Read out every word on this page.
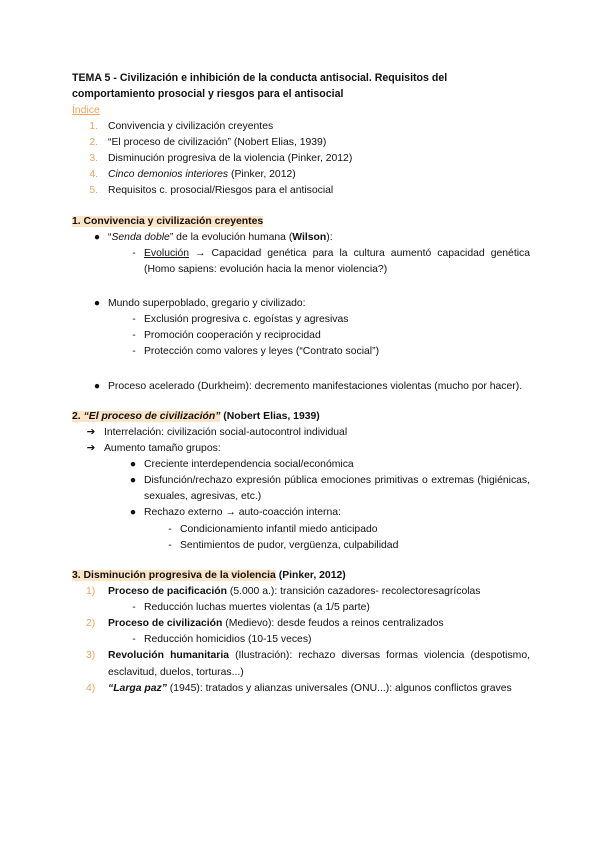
TEMA 5 - Civilización e inhibición de la conducta antisocial. Requisitos del comportamiento prosocial y riesgos para el antisocial

Índice

1. Convivencia y civilización creyentes
2. “El proceso de civilización” (Nobert Elias, 1939)
3. Disminución progresiva de la violencia (Pinker, 2012)
4. Cinco demonios interiores (Pinker, 2012)
5. Requisitos c. prosocial/Riesgos para el antisocial
1. Convivencia y civilización creyentes
● “Senda doble” de la evolución humana (Wilson):
- Evolución → Capacidad genética para la cultura aumentó capacidad genética (Homo sapiens: evolución hacia la menor violencia?)
● Mundo superpoblado, gregario y civilizado:
- Exclusión progresiva c. egoístas y agresivas
- Promoción cooperación y reciprocidad
- Protección como valores y leyes (“Contrato social”)
● Proceso acelerado (Durkheim): decremento manifestaciones violentas (mucho por hacer).
2. “El proceso de civilización” (Nobert Elias, 1939)
➔ Interrelación: civilización social-autocontrol individual
➔ Aumento tamaño grupos:
● Creciente interdependencia social/económica
● Disfunción/rechazo expresión pública emociones primitivas o extremas (higiénicas, sexuales, agresivas, etc.)
● Rechazo externo → auto-coacción interna:
- Condicionamiento infantil miedo anticipado
- Sentimientos de pudor, vergüenza, culpabilidad
3. Disminución progresiva de la violencia (Pinker, 2012)
1)	Proceso de pacificación (5.000 a.): transición cazadores- recolectoresagrícolas
- Reducción luchas muertes violentas (a 1/5 parte)
2)	Proceso de civilización (Medievo): desde feudos a reinos centralizados
- Reducción homicidios (10-15 veces)
3)	Revolución humanitaria (Ilustración): rechazo diversas formas violencia (despotismo, esclavitud, duelos, torturas...)
4)	“Larga paz” (1945): tratados y alianzas universales (ONU...): algunos conflictos graves
